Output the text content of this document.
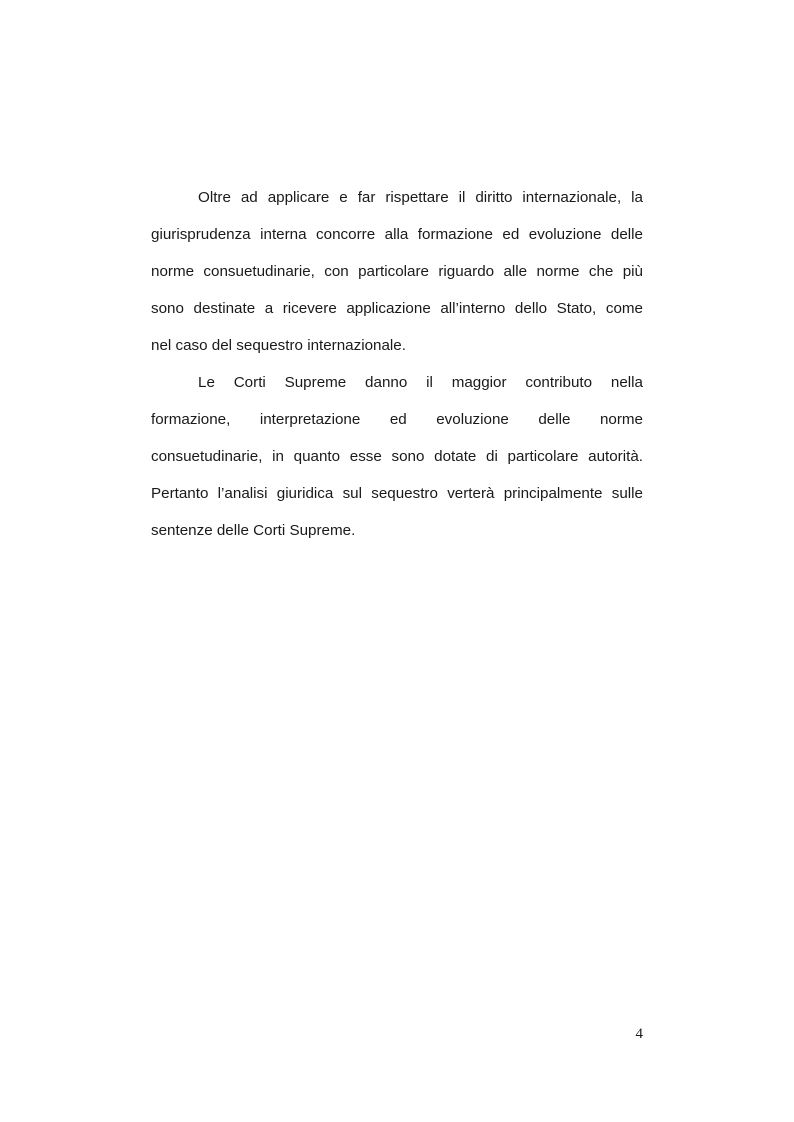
Oltre ad applicare e far rispettare il diritto internazionale, la
giurisprudenza interna concorre alla formazione ed evoluzione delle
norme consuetudinarie, con particolare riguardo alle norme che più
sono destinate a ricevere applicazione all’interno dello Stato, come
nel caso del sequestro internazionale.
Le Corti Supreme danno il maggior contributo nella
formazione, interpretazione ed evoluzione delle norme
consuetudinarie, in quanto esse sono dotate di particolare autorità.
Pertanto l’analisi giuridica sul sequestro verterà principalmente sulle
sentenze delle Corti Supreme.
4
